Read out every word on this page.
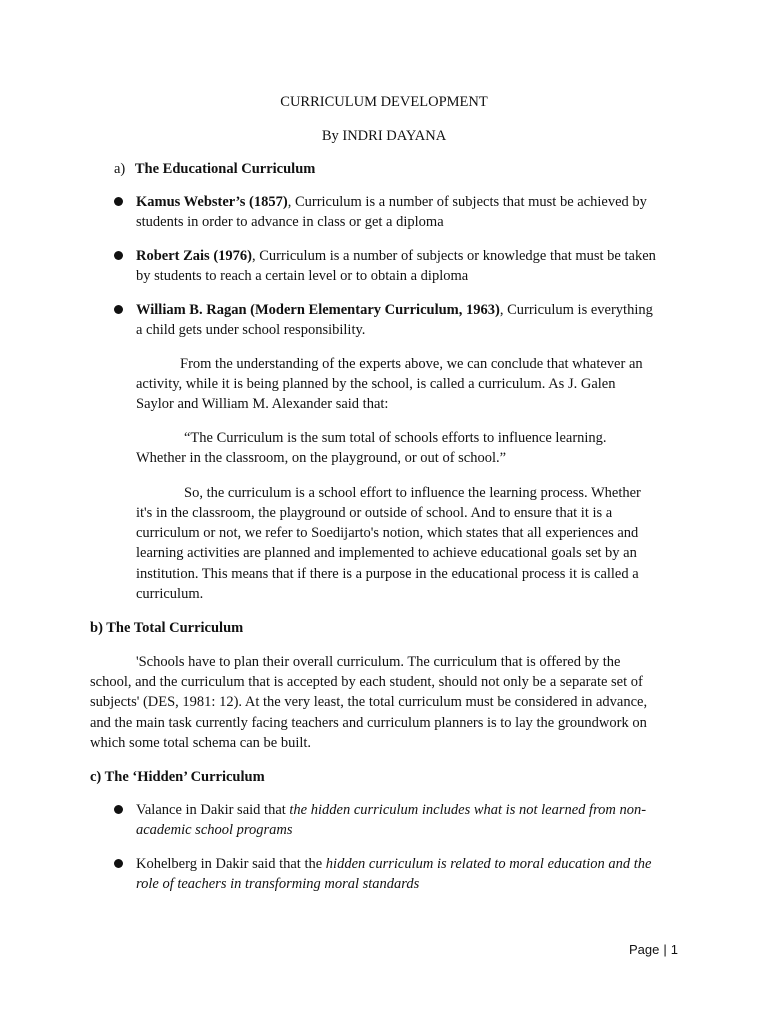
CURRICULUM DEVELOPMENT
By INDRI DAYANA
a) The Educational Curriculum
Kamus Webster’s (1857), Curriculum is a number of subjects that must be achieved by
students in order to advance in class or get a diploma
Robert Zais (1976), Curriculum is a number of subjects or knowledge that must be taken
by students to reach a certain level or to obtain a diploma
William B. Ragan (Modern Elementary Curriculum, 1963), Curriculum is everything
a child gets under school responsibility.
From the understanding of the experts above, we can conclude that whatever an
activity, while it is being planned by the school, is called a curriculum. As J. Galen
Saylor and William M. Alexander said that:
“The Curriculum is the sum total of schools efforts to influence learning.
Whether in the classroom, on the playground, or out of school.”
So, the curriculum is a school effort to influence the learning process. Whether
it's in the classroom, the playground or outside of school. And to ensure that it is a
curriculum or not, we refer to Soedijarto's notion, which states that all experiences and
learning activities are planned and implemented to achieve educational goals set by an
institution. This means that if there is a purpose in the educational process it is called a
curriculum.
b) The Total Curriculum
'Schools have to plan their overall curriculum. The curriculum that is offered by the
school, and the curriculum that is accepted by each student, should not only be a separate set of
subjects' (DES, 1981: 12). At the very least, the total curriculum must be considered in advance,
and the main task currently facing teachers and curriculum planners is to lay the groundwork on
which some total schema can be built.
c) The ‘Hidden’ Curriculum
Valance in Dakir said that the hidden curriculum includes what is not learned from non-
academic school programs
Kohelberg in Dakir said that the hidden curriculum is related to moral education and the
role of teachers in transforming moral standards
Page | 1
